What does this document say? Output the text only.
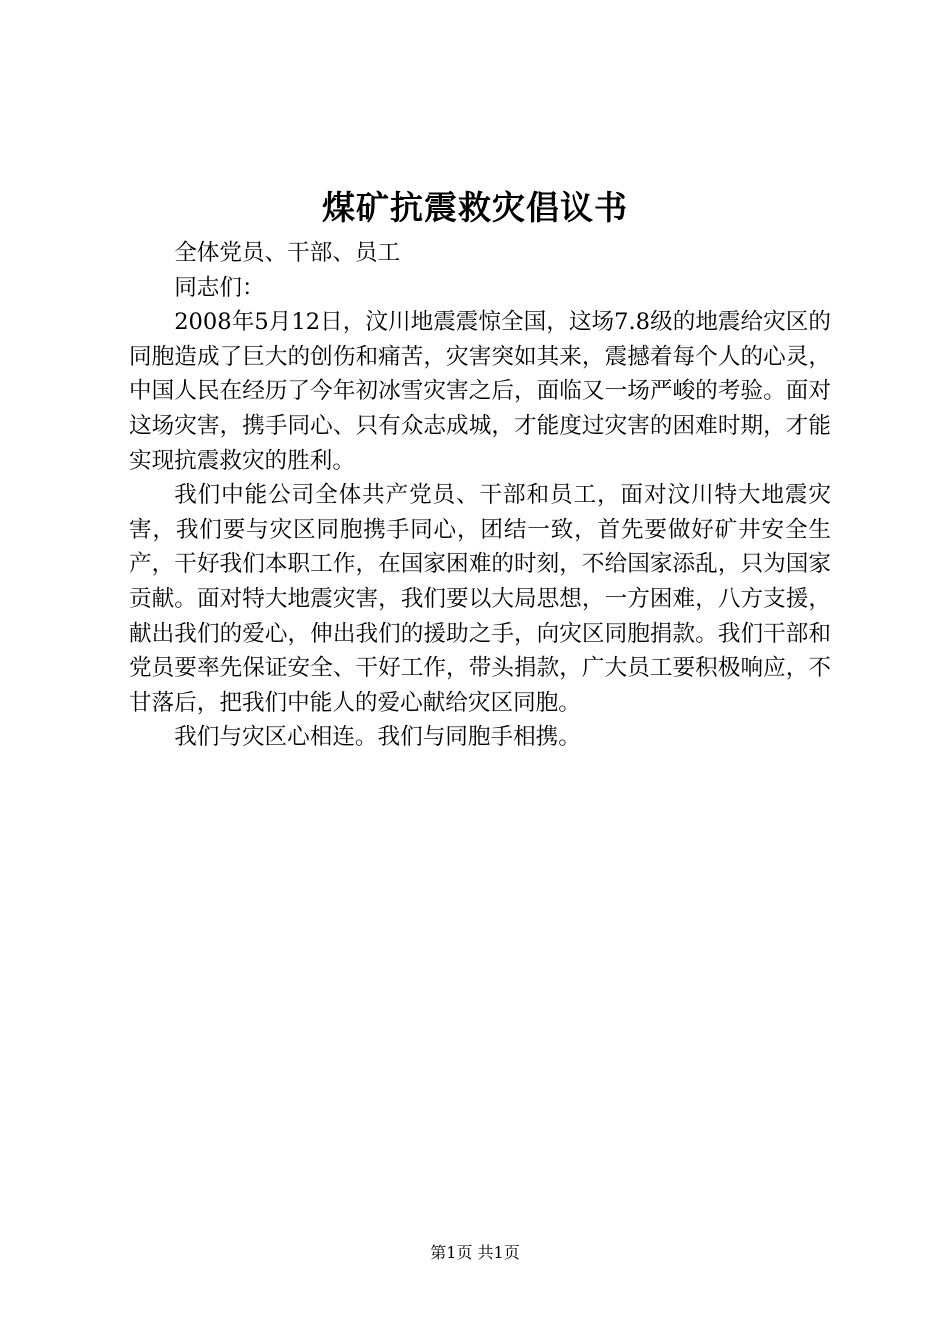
煤矿抗震救灾倡议书

全体党员、干部、员工

同志们：

2008年5月12日，汶川地震震惊全国，这场7.8级的地震给灾区的同胞造成了巨大的创伤和痛苦，灾害突如其来，震撼着每个人的心灵，中国人民在经历了今年初冰雪灾害之后，面临又一场严峻的考验。面对这场灾害，携手同心、只有众志成城，才能度过灾害的困难时期，才能实现抗震救灾的胜利。

我们中能公司全体共产党员、干部和员工，面对汶川特大地震灾害，我们要与灾区同胞携手同心，团结一致，首先要做好矿井安全生产，干好我们本职工作，在国家困难的时刻，不给国家添乱，只为国家贡献。面对特大地震灾害，我们要以大局思想，一方困难，八方支援，献出我们的爱心，伸出我们的援助之手，向灾区同胞捐款。我们干部和党员要率先保证安全、干好工作，带头捐款，广大员工要积极响应，不甘落后，把我们中能人的爱心献给灾区同胞。

我们与灾区心相连。我们与同胞手相携。

第1页 共1页
